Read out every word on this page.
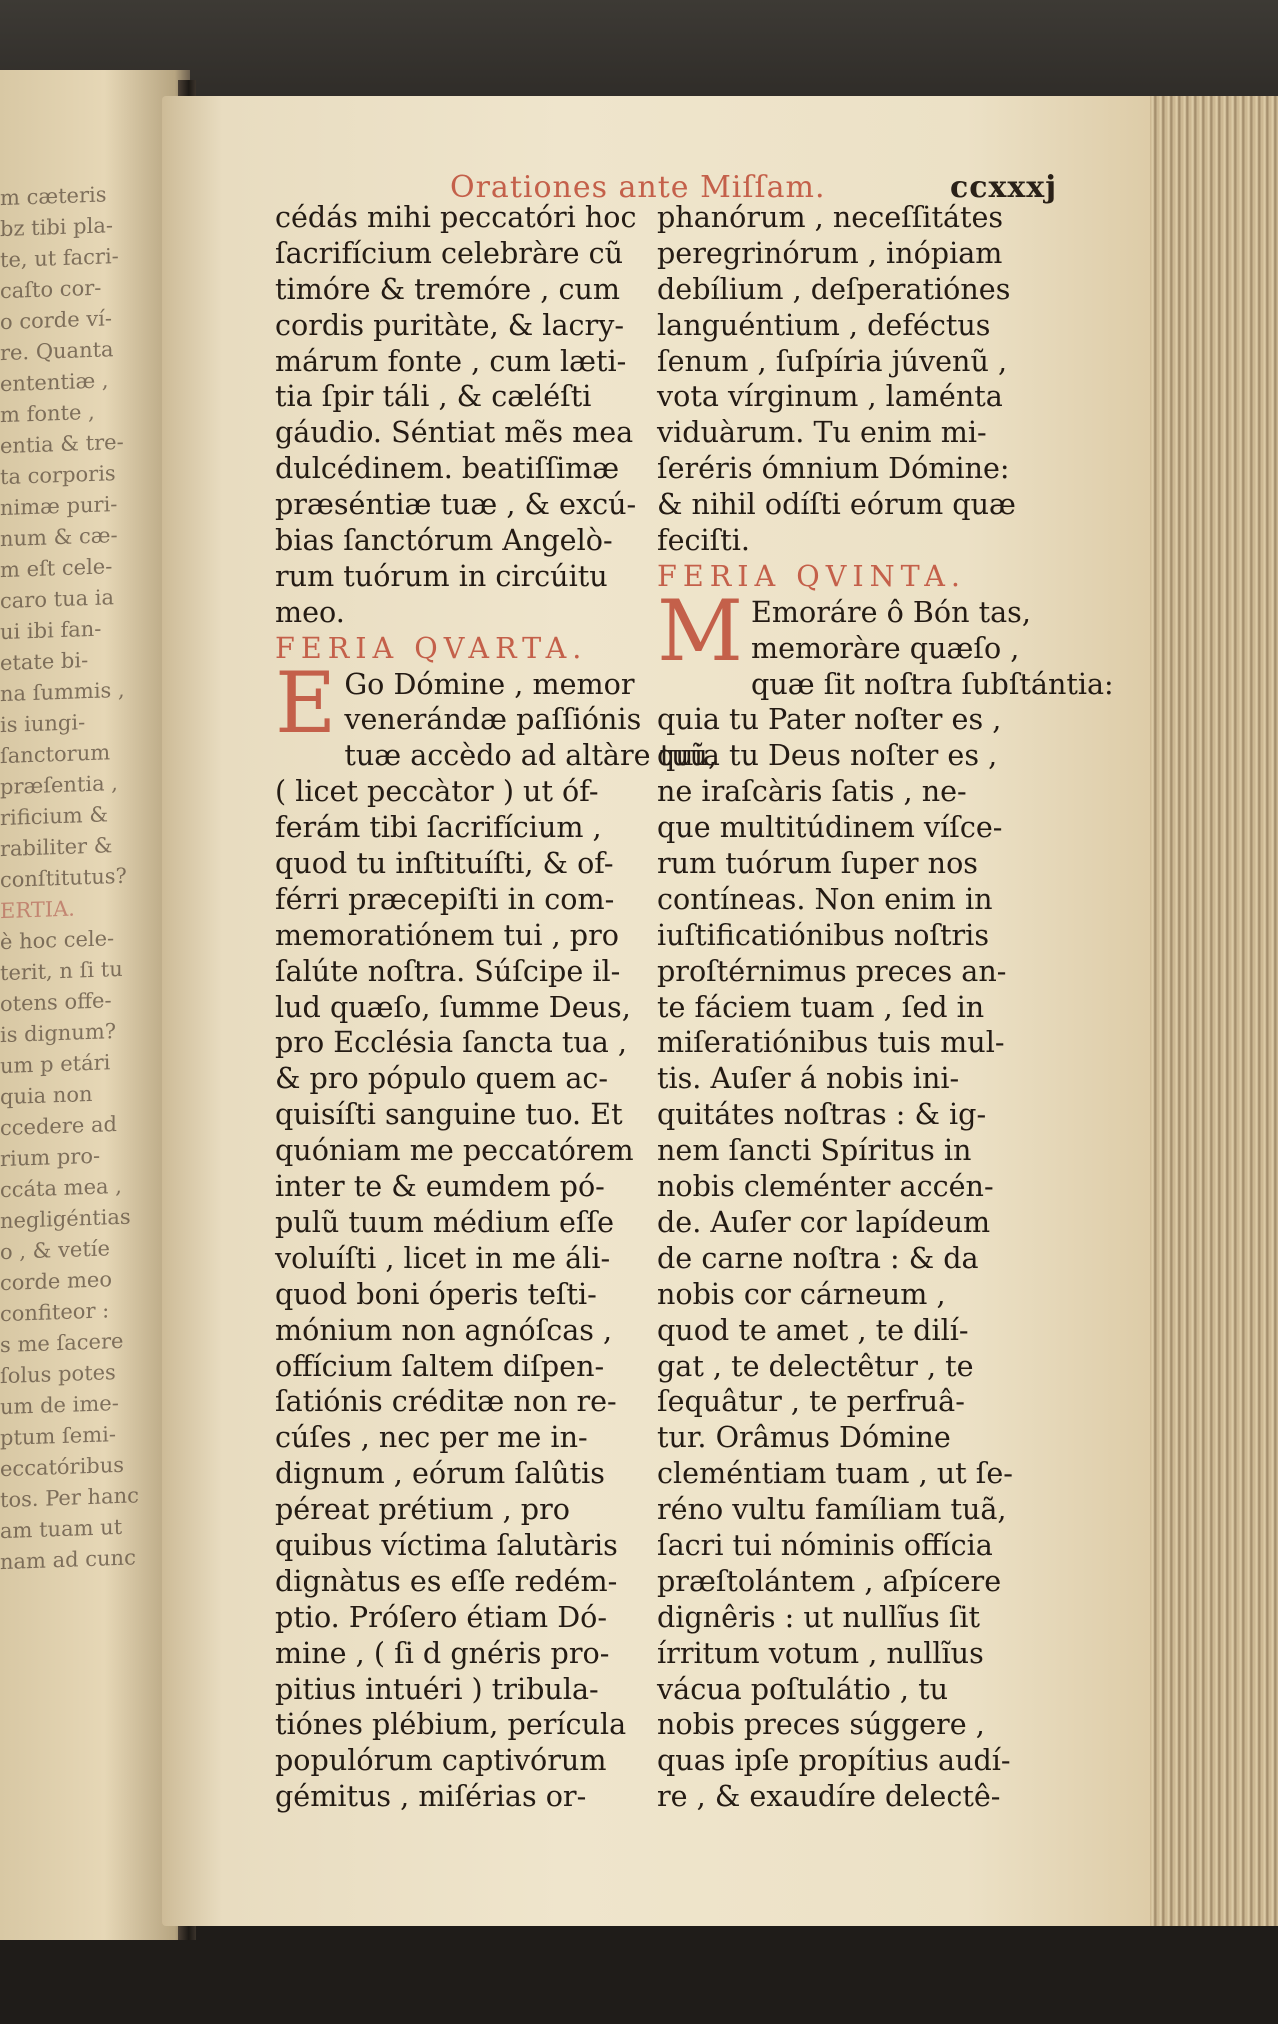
m cæteris
bz tibi pla-
te, ut facri-
caſto cor-
o corde ví-
re. Quanta
ententiæ ,
m fonte ,
entia & tre-
ta corporis
nimæ puri-
num & cæ-
m eſt cele-
caro tua ia
ui ibi fan-
etate bi-
na ſummis ,
is iungi-
ſanctorum
præſentia ,
rificium &
rabiliter &
conſtitutus?
ERTIA.
è hoc cele-
terit, n ſi tu
otens offe-
is dignum?
um p etári
quia non
ccedere ad
rium pro-
ccáta mea ,
negligéntias
o , & vetíe
corde meo
confiteor :
s me ſacere
ſolus potes
um de ime-
ptum ſemi-
eccatóribus
tos. Per hanc
am tuam ut
nam ad cunc
Orationes ante Miſſam.	ccxxxj
cédás mihi peccatóri hoc
ſacrifícium celebràre cũ
timóre & tremóre , cum
cordis puritàte, & lacry-
márum fonte , cum læti-
tia ſpir táli , & cæléſti
gáudio. Séntiat mẽs mea
dulcédinem. beatiſſimæ
præséntiæ tuæ , & excú-
bias ſanctórum Angelò-
rum tuórum in circúitu
meo.
FERIA QVARTA.
E Go Dómine , memor
venerándæ paſſiónis
tuæ accèdo ad altàre tuũ,
( licet peccàtor ) ut óf-
ferám tibi ſacrifícium ,
quod tu inſtituíſti, & of-
férri præcepiſti in com-
memoratiónem tui , pro
ſalúte noſtra. Súſcipe il-
lud quæſo, ſumme Deus,
pro Ecclésia ſancta tua ,
& pro pópulo quem ac-
quisíſti sanguine tuo. Et
quóniam me peccatórem
inter te & eumdem pó-
pulũ tuum médium eſſe
voluíſti , licet in me áli-
quod boni óperis teſti-
mónium non agnóſcas ,
offícium ſaltem diſpen-
ſatiónis créditæ non re-
cúſes , nec per me in-
dignum , eórum ſalûtis
péreat prétium , pro
quibus víctima ſalutàris
dignàtus es eſſe redém-
ptio. Próſero étiam Dó-
mine , ( ſi d gnéris pro-
pitius intuéri ) tribula-
tiónes plébium, perícula
populórum captivórum
gémitus , miſérias or-
phanórum , neceſſitátes
peregrinórum , inópiam
debílium , deſperatiónes
languéntium , deféctus
ſenum , ſuſpíria júvenũ ,
vota vírginum , laménta
viduàrum. Tu enim mi-
ſeréris ómnium Dómine:
& nihil odíſti eórum quæ
feciſti.
FERIA QVINTA.
M Emoráre ô Bón tas,
memoràre quæſo ,
quæ ſit noſtra ſubſtántia:
quia tu Pater noſter es ,
quia tu Deus noſter es ,
ne iraſcàris ſatis , ne-
que multitúdinem víſce-
rum tuórum ſuper nos
contíneas. Non enim in
iuſtificatiónibus noſtris
proſtérnimus preces an-
te fáciem tuam , ſed in
miſeratiónibus tuis mul-
tis. Auſer á nobis ini-
quitátes noſtras : & ig-
nem ſancti Spíritus in
nobis cleménter accén-
de. Auſer cor lapídeum
de carne noſtra : & da
nobis cor cárneum ,
quod te amet , te dilí-
gat , te delectêtur , te
ſequâtur , te perfruâ-
tur. Orâmus Dómine
cleméntiam tuam , ut ſe-
réno vultu famíliam tuã,
ſacri tui nóminis offícia
præſtolántem , aſpícere
dignêris : ut nullĩus ſit
írritum votum , nullĩus
vácua poſtulátio , tu
nobis preces súggere ,
quas ipſe propítius audí-
re , & exaudíre delectê-
